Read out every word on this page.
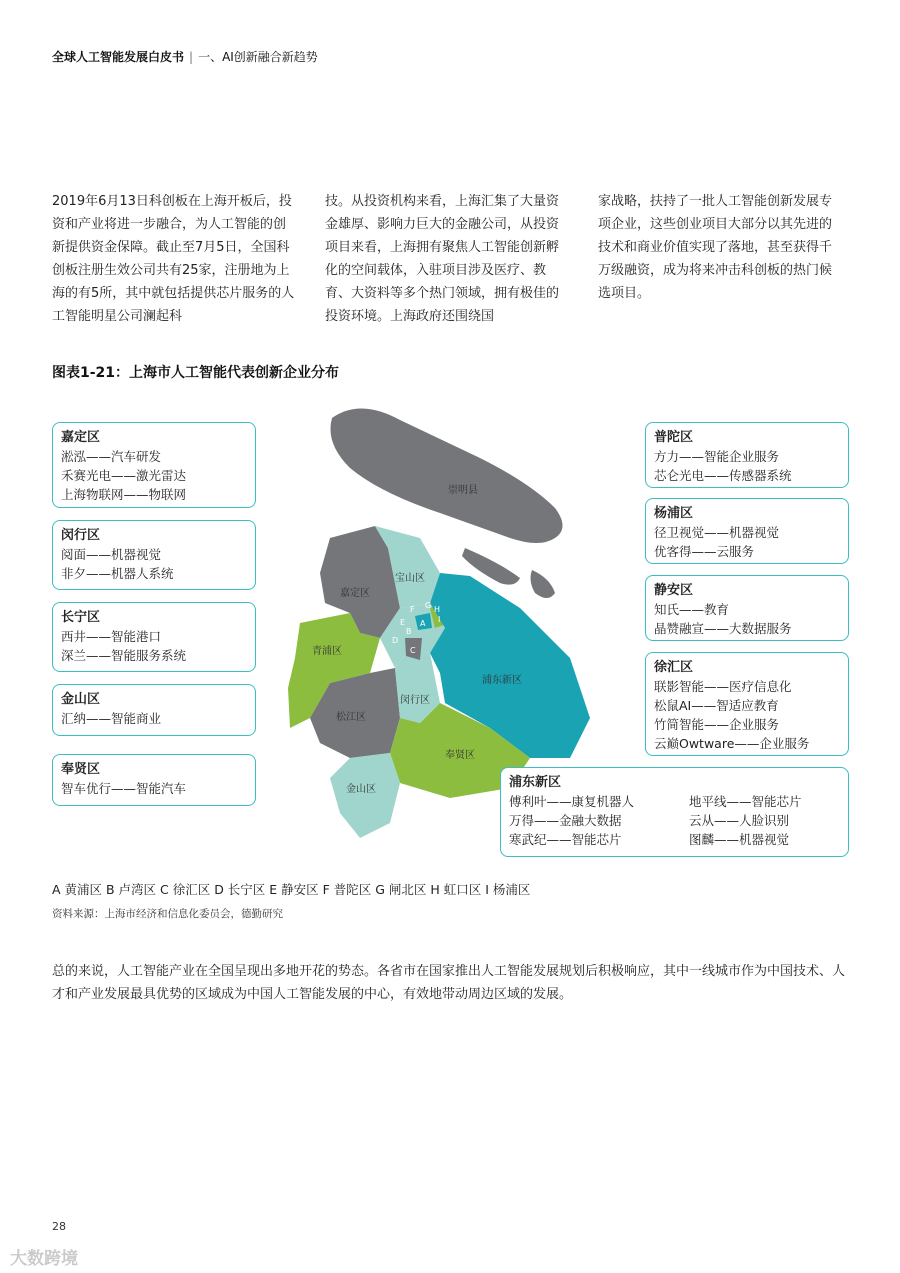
全球人工智能发展白皮书 | 一、AI创新融合新趋势
2019年6月13日科创板在上海开板后，投资和产业将进一步融合，为人工智能的创新提供资金保障。截止至7月5日，全国科创板注册生效公司共有25家，注册地为上海的有5所，其中就包括提供芯片服务的人工智能明星公司澜起科
技。从投资机构来看，上海汇集了大量资金雄厚、影响力巨大的金融公司，从投资项目来看，上海拥有聚焦人工智能创新孵化的空间载体，入驻项目涉及医疗、教育、大资料等多个热门领域，拥有极佳的投资环境。上海政府还围绕国
家战略，扶持了一批人工智能创新发展专项企业，这些创业项目大部分以其先进的技术和商业价值实现了落地，甚至获得千万级融资，成为将来冲击科创板的热门候选项目。
图表1-21：上海市人工智能代表创新企业分布
崇明县
嘉定区
宝山区
青浦区
松江区
闵行区
浦东新区
奉贤区
金山区
A
B
C
D
E
F G H
I
嘉定区
淞泓——汽车研发
禾赛光电——激光雷达
上海物联网——物联网
闵行区
阅面——机器视觉
非夕——机器人系统
长宁区
西井——智能港口
深兰——智能服务系统
金山区
汇纳——智能商业
奉贤区
智车优行——智能汽车
普陀区
方力——智能企业服务
芯仑光电——传感器系统
杨浦区
径卫视觉——机器视觉
优客得——云服务
静安区
知氏——教育
晶赞融宣——大数据服务
徐汇区
联影智能——医疗信息化
松鼠AI——智适应教育
竹简智能——企业服务
云巅Owtware——企业服务
浦东新区
傅利叶——康复机器人
万得——金融大数据
寒武纪——智能芯片
地平线——智能芯片
云从——人脸识别
图麟——机器视觉
A 黄浦区 B 卢湾区 C 徐汇区 D 长宁区 E 静安区 F 普陀区 G 闸北区 H 虹口区 I 杨浦区
资料来源：上海市经济和信息化委员会，德勤研究
总的来说，人工智能产业在全国呈现出多地开花的势态。各省市在国家推出人工智能发展规划后积极响应，其中一线城市作为中国技术、人才和产业发展最具优势的区域成为中国人工智能发展的中心，有效地带动周边区域的发展。
28
大数跨境
